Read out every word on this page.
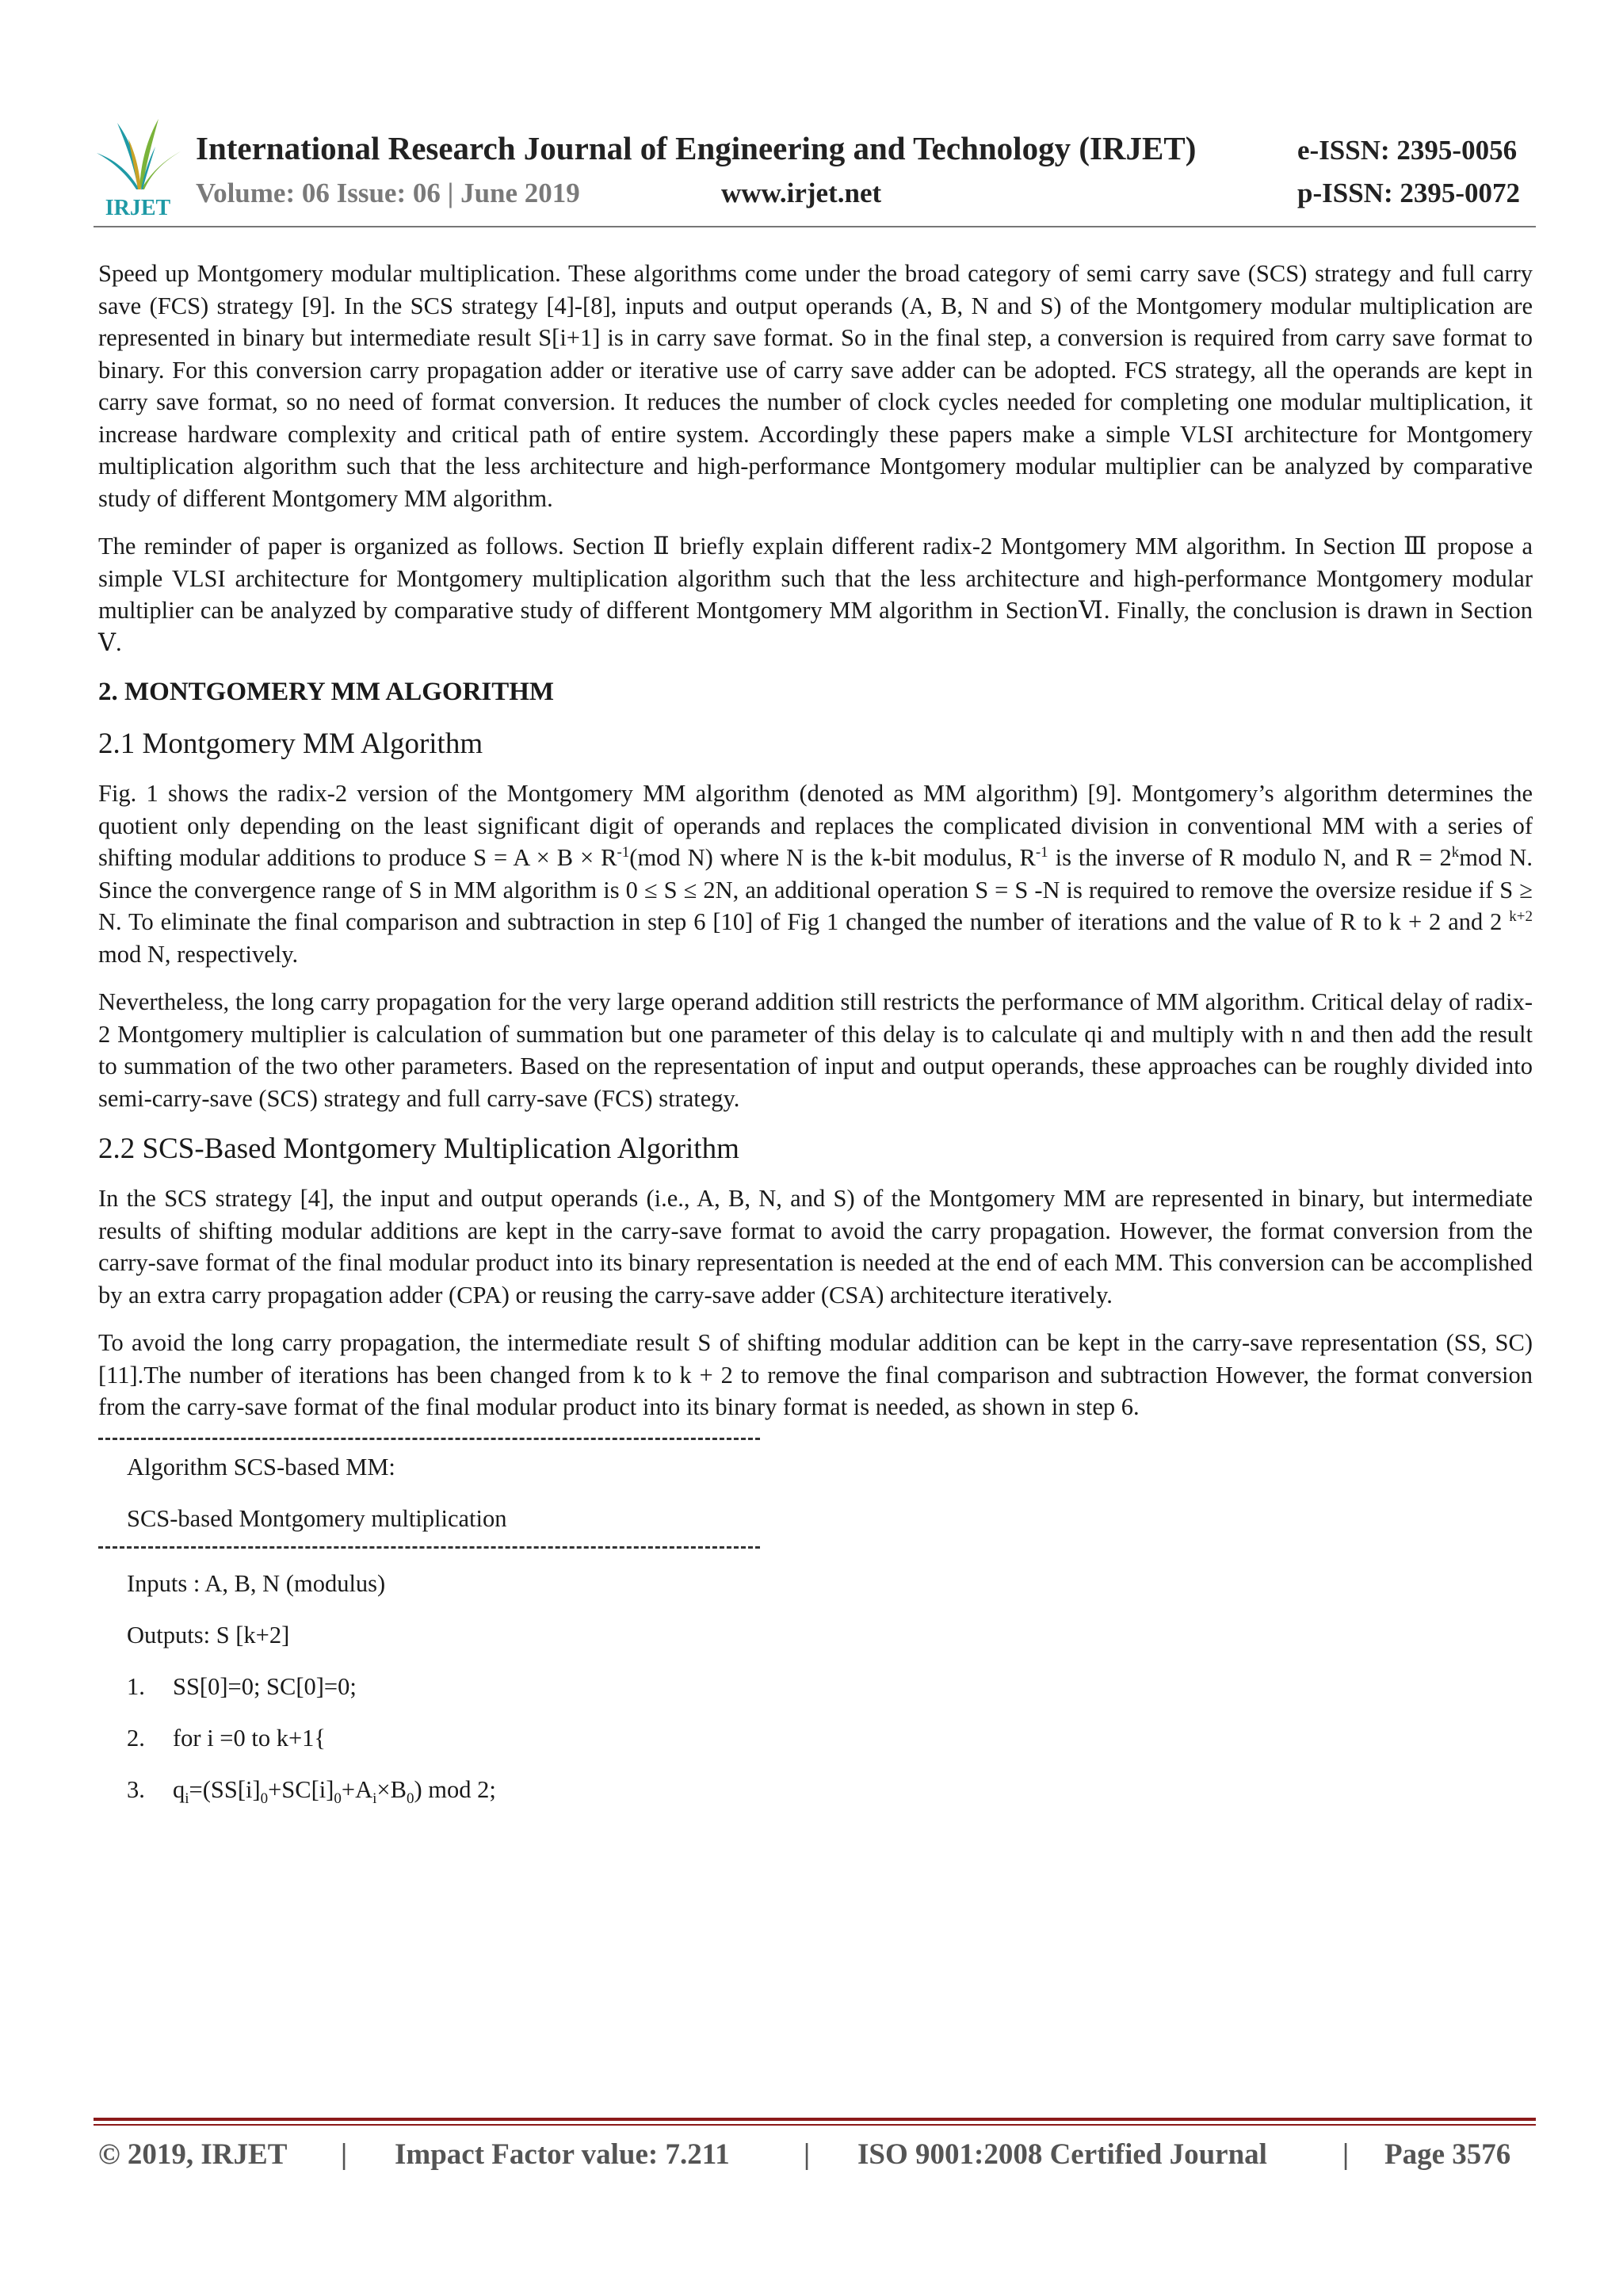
IRJET
International Research Journal of Engineering and Technology (IRJET)	e-ISSN: 2395-0056
Volume: 06 Issue: 06 | June 2019	www.irjet.net	p-ISSN: 2395-0072

Speed up Montgomery modular multiplication. These algorithms come under the broad category of semi carry save (SCS) strategy and full carry save (FCS) strategy [9]. In the SCS strategy [4]-[8], inputs and output operands (A, B, N and S) of the Montgomery modular multiplication are represented in binary but intermediate result S[i+1] is in carry save format. So in the final step, a conversion is required from carry save format to binary. For this conversion carry propagation adder or iterative use of carry save adder can be adopted. FCS strategy, all the operands are kept in carry save format, so no need of format conversion. It reduces the number of clock cycles needed for completing one modular multiplication, it increase hardware complexity and critical path of entire system. Accordingly these papers make a simple VLSI architecture for Montgomery multiplication algorithm such that the less architecture and high-performance Montgomery modular multiplier can be analyzed by comparative study of different Montgomery MM algorithm.

The reminder of paper is organized as follows. Section Ⅱ briefly explain different radix-2 Montgomery MM algorithm. In Section Ⅲ propose a simple VLSI architecture for Montgomery multiplication algorithm such that the less architecture and high-performance Montgomery modular multiplier can be analyzed by comparative study of different Montgomery MM algorithm in SectionⅥ. Finally, the conclusion is drawn in Section Ⅴ.

2. MONTGOMERY MM ALGORITHM
2.1 Montgomery MM Algorithm

Fig. 1 shows the radix-2 version of the Montgomery MM algorithm (denoted as MM algorithm) [9]. Montgomery’s algorithm determines the quotient only depending on the least significant digit of operands and replaces the complicated division in conventional MM with a series of shifting modular additions to produce $S = A \times B \times R^{-1}(mod$ N) where N is the k-bit modulus, $R^{-1}$ is the inverse of R modulo N, and $R = 2^kmod$ N. Since the convergence range of S in MM algorithm is 0 ≤ S ≤ 2N, an additional operation S = S -N is required to remove the oversize residue if S ≥ N. To eliminate the final comparison and subtraction in step 6 [10] of Fig 1 changed the number of iterations and the value of R to k + 2 and 2 $^{k+2}$ mod N, respectively.

Nevertheless, the long carry propagation for the very large operand addition still restricts the performance of MM algorithm. Critical delay of radix-2 Montgomery multiplier is calculation of summation but one parameter of this delay is to calculate qi and multiply with n and then add the result to summation of the two other parameters. Based on the representation of input and output operands, these approaches can be roughly divided into semi-carry-save (SCS) strategy and full carry-save (FCS) strategy.

2.2 SCS-Based Montgomery Multiplication Algorithm

In the SCS strategy [4], the input and output operands (i.e., A, B, N, and S) of the Montgomery MM are represented in binary, but intermediate results of shifting modular additions are kept in the carry-save format to avoid the carry propagation. However, the format conversion from the carry-save format of the final modular product into its binary representation is needed at the end of each MM. This conversion can be accomplished by an extra carry propagation adder (CPA) or reusing the carry-save adder (CSA) architecture iteratively.

To avoid the long carry propagation, the intermediate result S of shifting modular addition can be kept in the carry-save representation (SS, SC)[11].The number of iterations has been changed from k to k + 2 to remove the final comparison and subtraction However, the format conversion from the carry-save format of the final modular product into its binary format is needed, as shown in step 6.

Algorithm SCS-based MM:
SCS-based Montgomery multiplication
Inputs : A, B, N (modulus)
Outputs: S [k+2]
1. SS[0]=0; SC[0]=0;
2. for i =0 to k+1{
3. $q_i=(SS[i]_0+SC[i]_0+A_i\times B_0)$ mod 2;
© 2019, IRJET | Impact Factor value: 7.211	| ISO 9001:2008 Certified Journal	| Page 3576
